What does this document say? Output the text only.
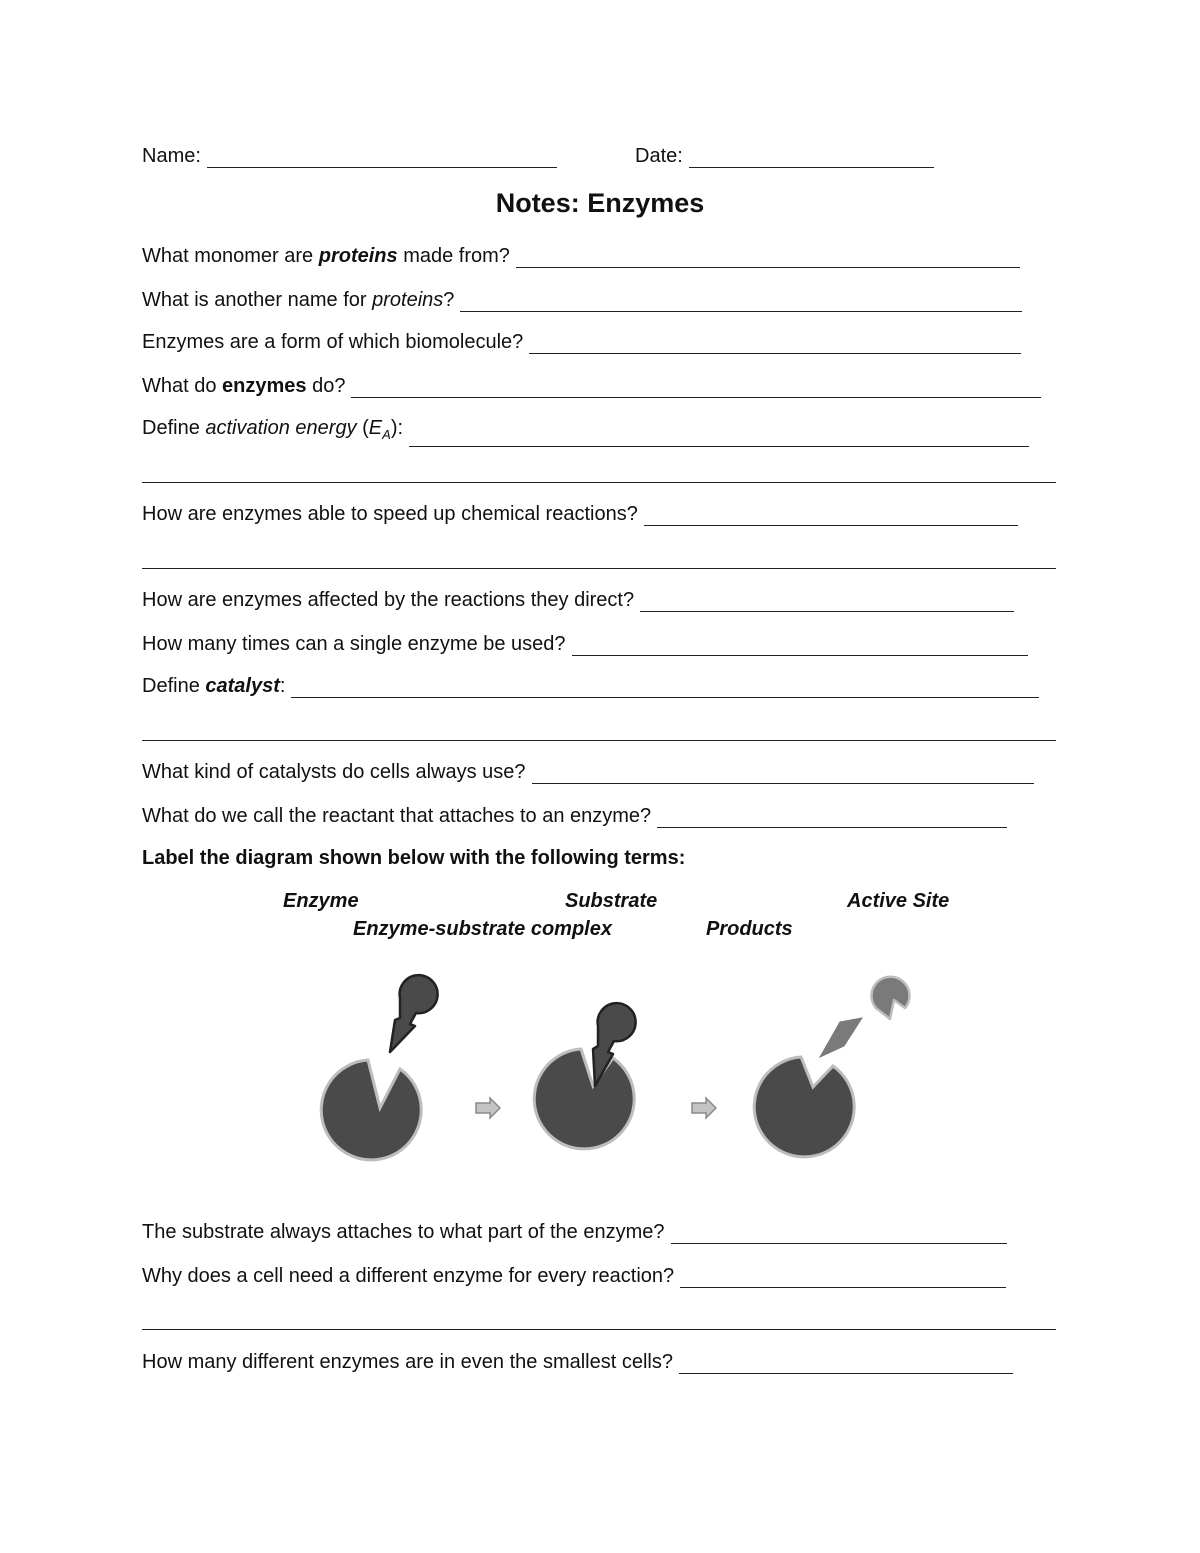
Name:	Date:
Notes: Enzymes
What monomer are proteins made from?
What is another name for proteins?
Enzymes are a form of which biomolecule?
What do enzymes do?
Define activation energy $(E_A)$:
How are enzymes able to speed up chemical reactions?
How are enzymes affected by the reactions they direct?
How many times can a single enzyme be used?
Define catalyst:
What kind of catalysts do cells always use?
What do we call the reactant that attaches to an enzyme?
Label the diagram shown below with the following terms:
Enzyme	Substrate	Active Site
Enzyme-substrate complex	Products
The substrate always attaches to what part of the enzyme?
Why does a cell need a different enzyme for every reaction?
How many different enzymes are in even the smallest cells?
